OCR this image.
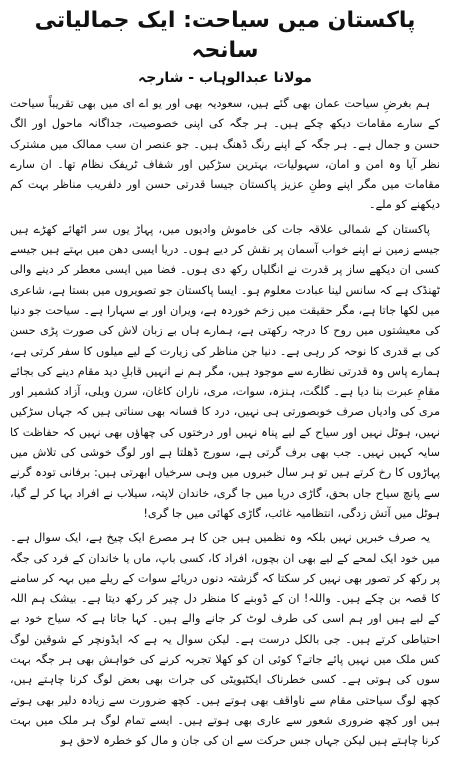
پاکستان میں سیاحت: ایک جمالیاتی سانحہ
مولانا عبدالوہاب - شارجہ

ہم بغرضِ سیاحت عمان بھی گئے ہیں، سعودیہ بھی اور یو اے ای میں بھی تقریباً سیاحت کے سارے مقامات دیکھ چکے ہیں۔ ہر جگہ کی اپنی خصوصیت، جداگانہ ماحول اور الگ حسن و جمال ہے۔ ہر جگہ کے اپنے رنگ ڈھنگ ہیں۔ جو عنصر ان سب ممالک میں مشترک نظر آیا وہ امن و امان، سہولیات، بہترین سڑکیں اور شفاف ٹریفک نظام تھا۔ ان سارے مقامات میں مگر اپنے وطنِ عزیز پاکستان جیسا قدرتی حسن اور دلفریب مناظر بہت کم دیکھنے کو ملے۔

پاکستان کے شمالی علاقہ جات کی خاموش وادیوں میں، پہاڑ یوں سر اٹھائے کھڑے ہیں جیسے زمین نے اپنے خواب آسمان پر نقش کر دیے ہوں۔ دریا ایسی دھن میں بہتے ہیں جیسے کسی ان دیکھے ساز پر قدرت نے انگلیاں رکھ دی ہوں۔ فضا میں ایسی معطر کر دینے والی ٹھنڈک ہے کہ سانس لینا عبادت معلوم ہو۔ ایسا پاکستان جو تصویروں میں بستا ہے، شاعری میں لکھا جاتا ہے، مگر حقیقت میں زخم خوردہ ہے، ویران اور بے سہارا ہے۔ سیاحت جو دنیا کی معیشتوں میں روح کا درجہ رکھتی ہے، ہمارے ہاں بے زبان لاش کی صورت پڑی حسن کی بے قدری کا نوحہ کر رہی ہے۔ دنیا جن مناظر کی زیارت کے لیے میلوں کا سفر کرتی ہے، ہمارے پاس وہ قدرتی نظارے سے موجود ہیں، مگر ہم نے انہیں قابلِ دید مقام دینے کی بجائے مقامِ عبرت بنا دیا ہے۔ گلگت، ہنزہ، سوات، مری، ناران کاغان، سرن ویلی، آزاد کشمیر اور مری کی وادیاں صرف خوبصورتی ہی نہیں، درد کا فسانہ بھی سناتی ہیں کہ جہاں سڑکیں نہیں، ہوٹل نہیں اور سیاح کے لیے پناہ نہیں اور درختوں کی چھاؤں بھی نہیں کہ حفاظت کا سایہ کہیں نہیں۔ جب بھی برف گرتی ہے، سورج ڈھلتا ہے اور لوگ خوشی کی تلاش میں پہاڑوں کا رخ کرتے ہیں تو ہر سال خبروں میں وہی سرخیاں ابھرتی ہیں: برفانی تودہ گرنے سے پانچ سیاح جاں بحق، گاڑی دریا میں جا گری، خاندان لاپتہ، سیلاب نے افراد بہا کر لے گیا، ہوٹل میں آتش زدگی، انتظامیہ غائب، گاڑی کھائی میں جا گری!

یہ صرف خبریں نہیں بلکہ وہ نظمیں ہیں جن کا ہر مصرع ایک چیخ ہے، ایک سوال ہے۔ میں خود ایک لمحے کے لیے بھی ان بچوں، افراد کا، کسی باپ، ماں یا خاندان کے فرد کی جگہ پر رکھ کر تصور بھی نہیں کر سکتا کہ گزشتہ دنوں دریائے سوات کے ریلے میں بہہ کر سامنے کا قصہ بن چکے ہیں۔ واللہ! ان کے ڈوبنے کا منظر دل چیر کر رکھ دیتا ہے۔ بیشک ہم اللہ کے لیے ہیں اور ہم اسی کی طرف لوٹ کر جانے والے ہیں۔ کہا جاتا ہے کہ سیاح خود بے احتیاطی کرتے ہیں۔ جی بالکل درست ہے۔ لیکن سوال یہ ہے کہ ایڈونچر کے شوقین لوگ کس ملک میں نہیں پائے جاتے؟ کوئی ان کو کھلا تجربہ کرنے کی خواہش بھی ہر جگہ بہت سوں کی ہوتی ہے۔ کسی خطرناک ایکٹیویٹی کی جرات بھی بعض لوگ کرنا چاہتے ہیں، کچھ لوگ سیاحتی مقام سے ناواقف بھی ہوتے ہیں۔ کچھ ضرورت سے زیادہ دلیر بھی ہوتے ہیں اور کچھ ضروری شعور سے عاری بھی ہوتے ہیں۔ ایسے تمام لوگ ہر ملک میں بہت کرنا چاہتے ہیں لیکن جہاں جس حرکت سے ان کی جان و مال کو خطرہ لاحق ہو
